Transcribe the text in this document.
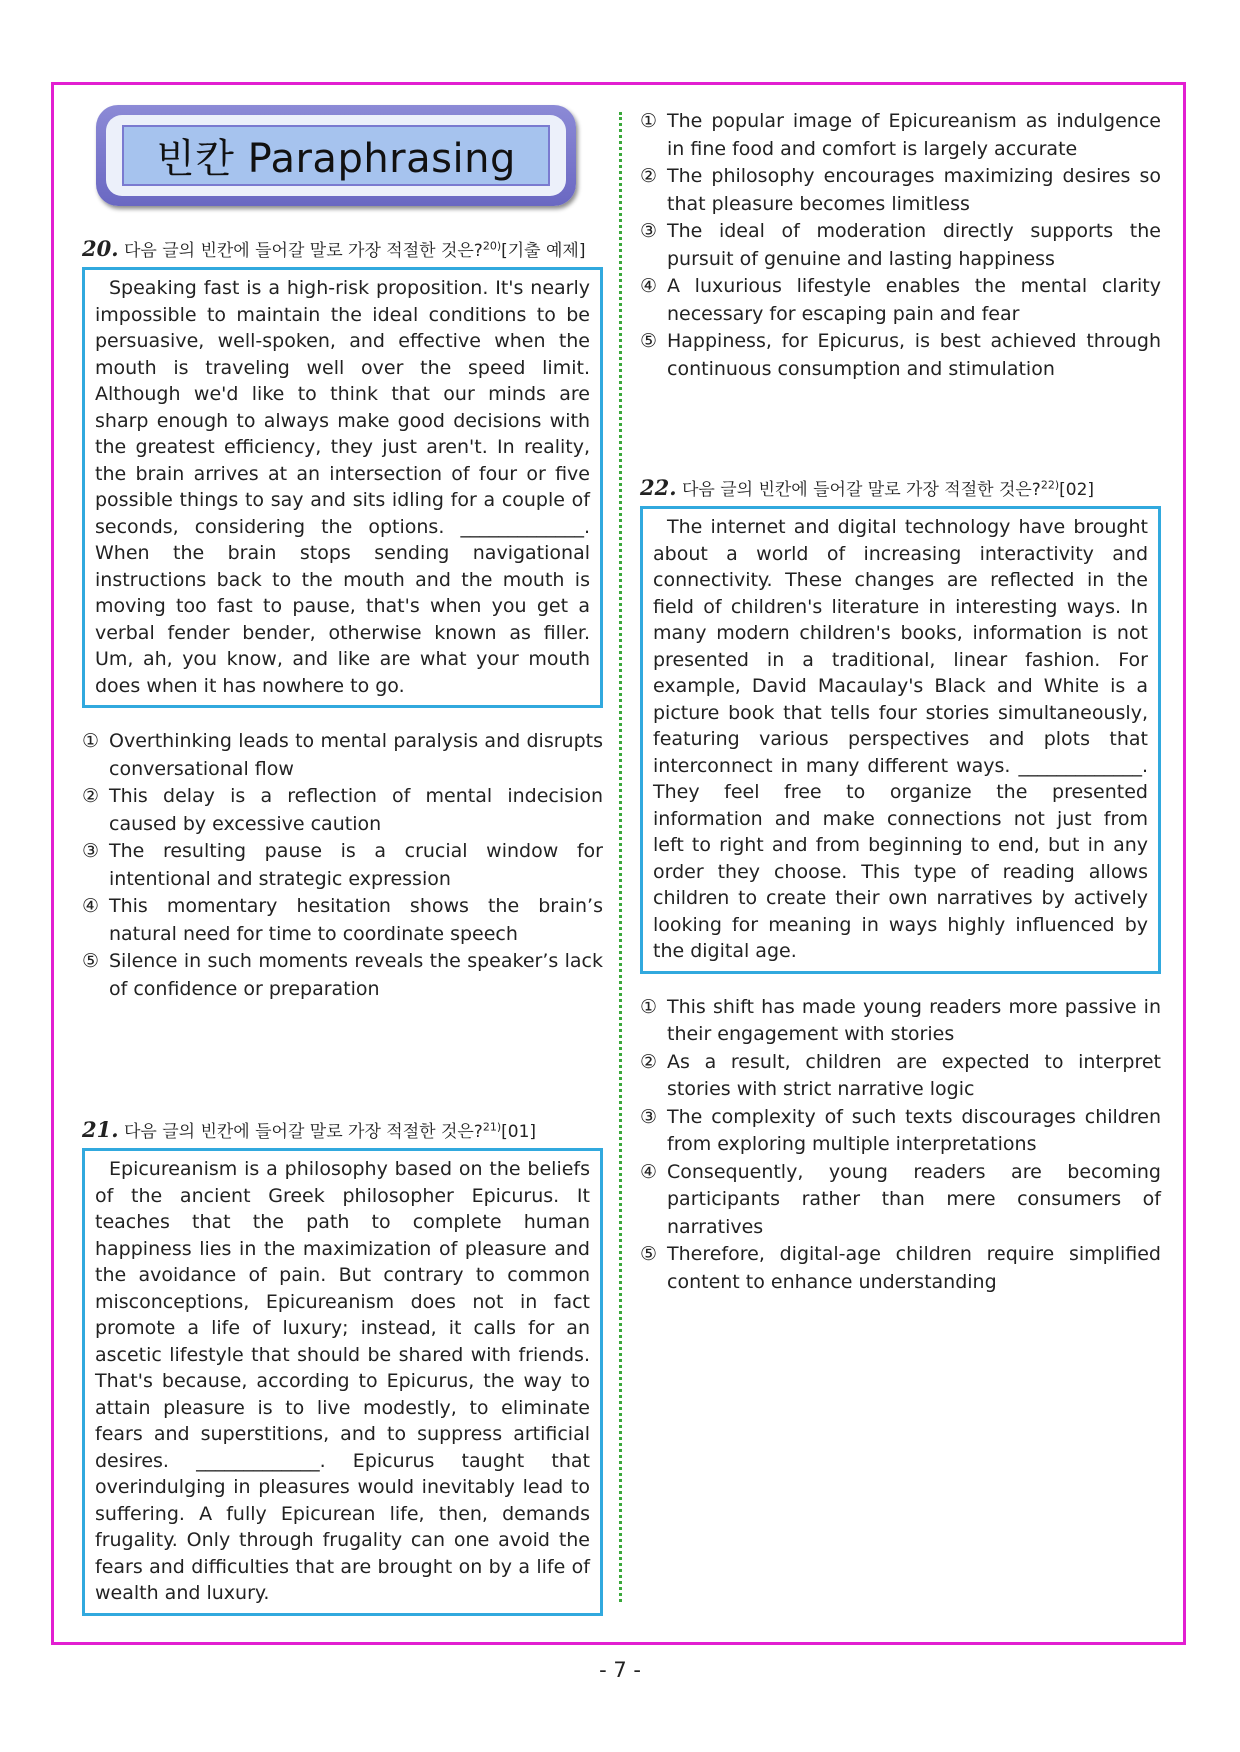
빈칸 Paraphrasing
20. 다음 글의 빈칸에 들어갈 말로 가장 적절한 것은?$^{20)}$[기출 예제]

Speaking fast is a high-risk proposition. It's nearly impossible to maintain the ideal conditions to be persuasive, well-spoken, and effective when the mouth is traveling well over the speed limit. Although we'd like to think that our minds are sharp enough to always make good decisions with the greatest efficiency, they just aren't. In reality, the brain arrives at an intersection of four or five possible things to say and sits idling for a couple of seconds, considering the options. _____________. When the brain stops sending navigational instructions back to the mouth and the mouth is moving too fast to pause, that's when you get a verbal fender bender, otherwise known as filler. Um, ah, you know, and like are what your mouth does when it has nowhere to go.

① Overthinking leads to mental paralysis and disrupts conversational flow
② This delay is a reflection of mental indecision caused by excessive caution
③ The resulting pause is a crucial window for intentional and strategic expression
④ This momentary hesitation shows the brain’s natural need for time to coordinate speech
⑤ Silence in such moments reveals the speaker’s lack of confidence or preparation
21. 다음 글의 빈칸에 들어갈 말로 가장 적절한 것은?$^{21)}$[01]

Epicureanism is a philosophy based on the beliefs of the ancient Greek philosopher Epicurus. It teaches that the path to complete human happiness lies in the maximization of pleasure and the avoidance of pain. But contrary to common misconceptions, Epicureanism does not in fact promote a life of luxury; instead, it calls for an ascetic lifestyle that should be shared with friends. That's because, according to Epicurus, the way to attain pleasure is to live modestly, to eliminate fears and superstitions, and to suppress artificial desires. _____________. Epicurus taught that overindulging in pleasures would inevitably lead to suffering. A fully Epicurean life, then, demands frugality. Only through frugality can one avoid the fears and difficulties that are brought on by a life of wealth and luxury.

① The popular image of Epicureanism as indulgence in fine food and comfort is largely accurate
② The philosophy encourages maximizing desires so that pleasure becomes limitless
③ The ideal of moderation directly supports the pursuit of genuine and lasting happiness
④ A luxurious lifestyle enables the mental clarity necessary for escaping pain and fear
⑤ Happiness, for Epicurus, is best achieved through continuous consumption and stimulation
22. 다음 글의 빈칸에 들어갈 말로 가장 적절한 것은?$^{22)}$[02]

The internet and digital technology have brought about a world of increasing interactivity and connectivity. These changes are reflected in the field of children's literature in interesting ways. In many modern children's books, information is not presented in a traditional, linear fashion. For example, David Macaulay's Black and White is a picture book that tells four stories simultaneously, featuring various perspectives and plots that interconnect in many different ways. _____________. They feel free to organize the presented information and make connections not just from left to right and from beginning to end, but in any order they choose. This type of reading allows children to create their own narratives by actively looking for meaning in ways highly influenced by the digital age.

① This shift has made young readers more passive in their engagement with stories
② As a result, children are expected to interpret stories with strict narrative logic
③ The complexity of such texts discourages children from exploring multiple interpretations
④ Consequently, young readers are becoming participants rather than mere consumers of narratives
⑤ Therefore, digital-age children require simplified content to enhance understanding
- 7 -
